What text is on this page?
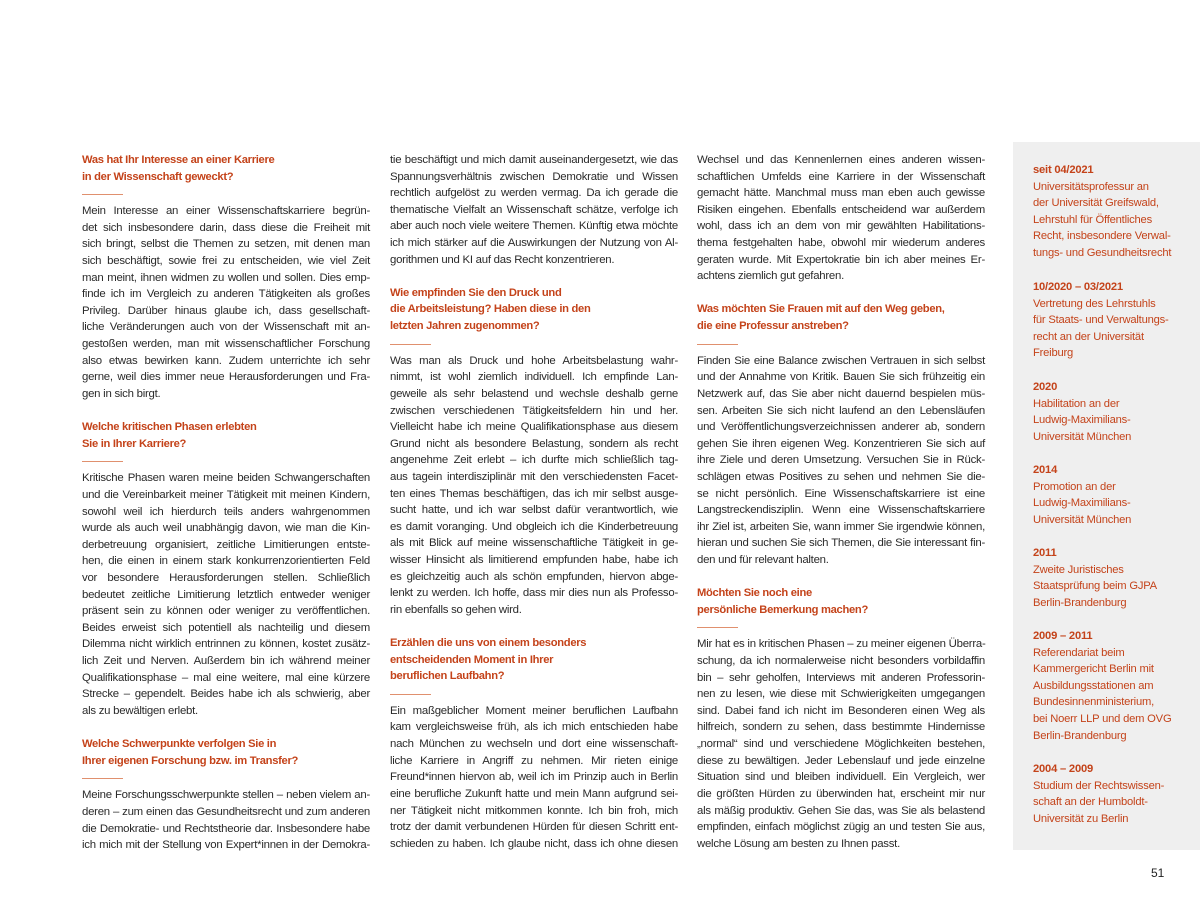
Was hat Ihr Interesse an einer Karriere
in der Wissenschaft geweckt?
Mein Interesse an einer Wissenschaftskarriere begrün-
det sich insbesondere darin, dass diese die Freiheit mit
sich bringt, selbst die Themen zu setzen, mit denen man
sich beschäftigt, sowie frei zu entscheiden, wie viel Zeit
man meint, ihnen widmen zu wollen und sollen. Dies emp-
finde ich im Vergleich zu anderen Tätigkeiten als großes
Privileg. Darüber hinaus glaube ich, dass gesellschaft-
liche Veränderungen auch von der Wissenschaft mit an-
gestoßen werden, man mit wissenschaftlicher Forschung
also etwas bewirken kann. Zudem unterrichte ich sehr
gerne, weil dies immer neue Herausforderungen und Fra-
gen in sich birgt.
Welche kritischen Phasen erlebten
Sie in Ihrer Karriere?
Kritische Phasen waren meine beiden Schwangerschaften
und die Vereinbarkeit meiner Tätigkeit mit meinen Kindern,
sowohl weil ich hierdurch teils anders wahrgenommen
wurde als auch weil unabhängig davon, wie man die Kin-
derbetreuung organisiert, zeitliche Limitierungen entste-
hen, die einen in einem stark konkurrenzorientierten Feld
vor besondere Herausforderungen stellen. Schließlich
bedeutet zeitliche Limitierung letztlich entweder weniger
präsent sein zu können oder weniger zu veröffentlichen.
Beides erweist sich potentiell als nachteilig und diesem
Dilemma nicht wirklich entrinnen zu können, kostet zusätz-
lich Zeit und Nerven. Außerdem bin ich während meiner
Qualifikationsphase – mal eine weitere, mal eine kürzere
Strecke – gependelt. Beides habe ich als schwierig, aber
als zu bewältigen erlebt.
Welche Schwerpunkte verfolgen Sie in
Ihrer eigenen Forschung bzw. im Transfer?
Meine Forschungsschwerpunkte stellen – neben vielem an-
deren – zum einen das Gesundheitsrecht und zum anderen
die Demokratie- und Rechtstheorie dar. Insbesondere habe
ich mich mit der Stellung von Expert*innen in der Demokra-
tie beschäftigt und mich damit auseinandergesetzt, wie das
Spannungsverhältnis zwischen Demokratie und Wissen
rechtlich aufgelöst zu werden vermag. Da ich gerade die
thematische Vielfalt an Wissenschaft schätze, verfolge ich
aber auch noch viele weitere Themen. Künftig etwa möchte
ich mich stärker auf die Auswirkungen der Nutzung von Al-
gorithmen und KI auf das Recht konzentrieren.
Wie empfinden Sie den Druck und
die Arbeitsleistung? Haben diese in den
letzten Jahren zugenommen?
Was man als Druck und hohe Arbeitsbelastung wahr-
nimmt, ist wohl ziemlich individuell. Ich empfinde Lan-
geweile als sehr belastend und wechsle deshalb gerne
zwischen verschiedenen Tätigkeitsfeldern hin und her.
Vielleicht habe ich meine Qualifikationsphase aus diesem
Grund nicht als besondere Belastung, sondern als recht
angenehme Zeit erlebt – ich durfte mich schließlich tag-
aus tagein interdisziplinär mit den verschiedensten Facet-
ten eines Themas beschäftigen, das ich mir selbst ausge-
sucht hatte, und ich war selbst dafür verantwortlich, wie
es damit voranging. Und obgleich ich die Kinderbetreuung
als mit Blick auf meine wissenschaftliche Tätigkeit in ge-
wisser Hinsicht als limitierend empfunden habe, habe ich
es gleichzeitig auch als schön empfunden, hiervon abge-
lenkt zu werden. Ich hoffe, dass mir dies nun als Professo-
rin ebenfalls so gehen wird.
Erzählen die uns von einem besonders
entscheidenden Moment in Ihrer
beruflichen Laufbahn?
Ein maßgeblicher Moment meiner beruflichen Laufbahn
kam vergleichsweise früh, als ich mich entschieden habe
nach München zu wechseln und dort eine wissenschaft-
liche Karriere in Angriff zu nehmen. Mir rieten einige
Freund*innen hiervon ab, weil ich im Prinzip auch in Berlin
eine berufliche Zukunft hatte und mein Mann aufgrund sei-
ner Tätigkeit nicht mitkommen konnte. Ich bin froh, mich
trotz der damit verbundenen Hürden für diesen Schritt ent-
schieden zu haben. Ich glaube nicht, dass ich ohne diesen
Wechsel und das Kennenlernen eines anderen wissen-
schaftlichen Umfelds eine Karriere in der Wissenschaft
gemacht hätte. Manchmal muss man eben auch gewisse
Risiken eingehen. Ebenfalls entscheidend war außerdem
wohl, dass ich an dem von mir gewählten Habilitations-
thema festgehalten habe, obwohl mir wiederum anderes
geraten wurde. Mit Expertokratie bin ich aber meines Er-
achtens ziemlich gut gefahren.
Was möchten Sie Frauen mit auf den Weg geben,
die eine Professur anstreben?
Finden Sie eine Balance zwischen Vertrauen in sich selbst
und der Annahme von Kritik. Bauen Sie sich frühzeitig ein
Netzwerk auf, das Sie aber nicht dauernd bespielen müs-
sen. Arbeiten Sie sich nicht laufend an den Lebensläufen
und Veröffentlichungsverzeichnissen anderer ab, sondern
gehen Sie ihren eigenen Weg. Konzentrieren Sie sich auf
ihre Ziele und deren Umsetzung. Versuchen Sie in Rück-
schlägen etwas Positives zu sehen und nehmen Sie die-
se nicht persönlich. Eine Wissenschaftskarriere ist eine
Langstreckendisziplin. Wenn eine Wissenschaftskarriere
ihr Ziel ist, arbeiten Sie, wann immer Sie irgendwie können,
hieran und suchen Sie sich Themen, die Sie interessant fin-
den und für relevant halten.
Möchten Sie noch eine
persönliche Bemerkung machen?
Mir hat es in kritischen Phasen – zu meiner eigenen Überra-
schung, da ich normalerweise nicht besonders vorbildaffin
bin – sehr geholfen, Interviews mit anderen Professorin-
nen zu lesen, wie diese mit Schwierigkeiten umgegangen
sind. Dabei fand ich nicht im Besonderen einen Weg als
hilfreich, sondern zu sehen, dass bestimmte Hindernisse
„normal“ sind und verschiedene Möglichkeiten bestehen,
diese zu bewältigen. Jeder Lebenslauf und jede einzelne
Situation sind und bleiben individuell. Ein Vergleich, wer
die größten Hürden zu überwinden hat, erscheint mir nur
als mäßig produktiv. Gehen Sie das, was Sie als belastend
empfinden, einfach möglichst zügig an und testen Sie aus,
welche Lösung am besten zu Ihnen passt.
seit 04/2021
Universitätsprofessur an
der Universität Greifswald,
Lehrstuhl für Öffentliches
Recht, insbesondere Verwal-
tungs- und Gesundheitsrecht
10/2020 – 03/2021
Vertretung des Lehrstuhls
für Staats- und Verwaltungs-
recht an der Universität
Freiburg
2020
Habilitation an der
Ludwig-Maximilians-
Universität München
2014
Promotion an der
Ludwig-Maximilians-
Universität München
2011
Zweite Juristisches
Staatsprüfung beim GJPA
Berlin-Brandenburg
2009 – 2011
Referendariat beim
Kammergericht Berlin mit
Ausbildungsstationen am
Bundesinnenministerium,
bei Noerr LLP und dem OVG
Berlin-Brandenburg
2004 – 2009
Studium der Rechtswissen-
schaft an der Humboldt-
Universität zu Berlin
51
